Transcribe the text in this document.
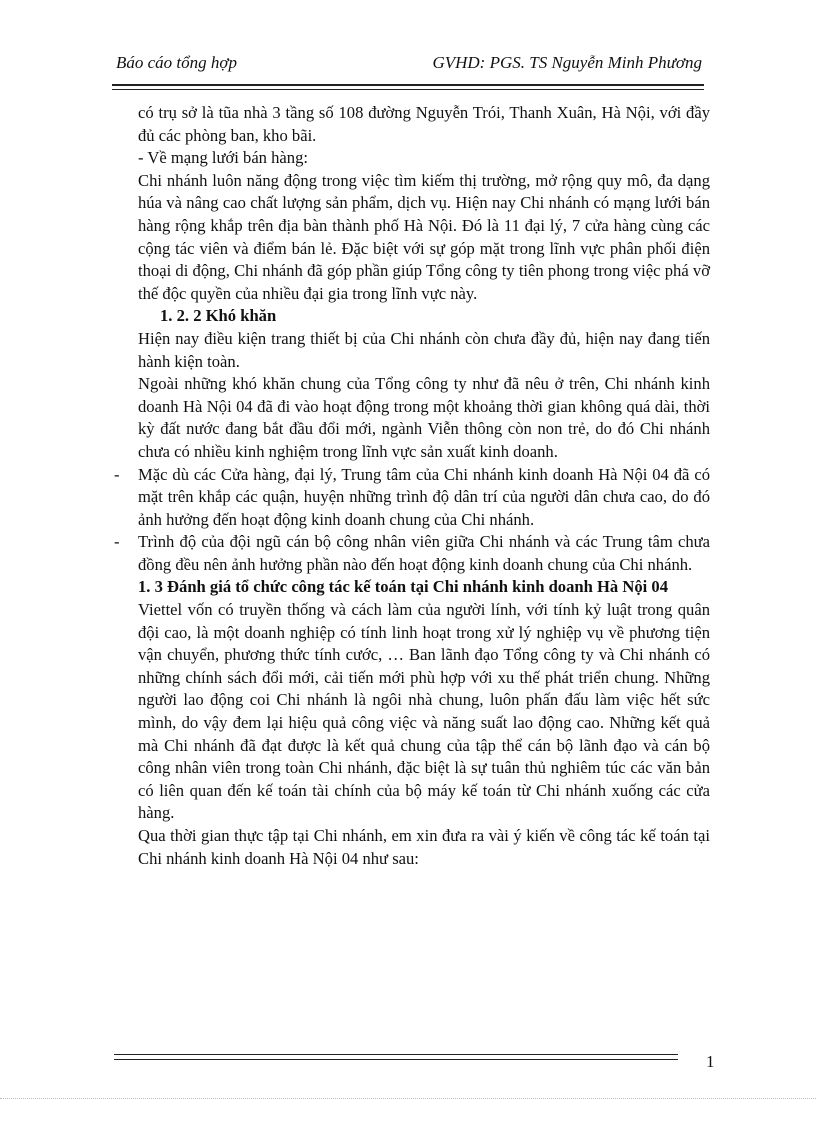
Báo cáo tổng hợp	GVHD: PGS. TS Nguyễn Minh Phương

có trụ sở là tũa nhà 3 tầng số 108 đường Nguyễn Trói, Thanh Xuân, Hà Nội, với đầy đủ các phòng ban, kho bãi.

- Về mạng lưới bán hàng:

Chi nhánh luôn năng động trong việc tìm kiếm thị trường, mở rộng quy mô, đa dạng húa và nâng cao chất lượng sản phẩm, dịch vụ. Hiện nay Chi nhánh có mạng lưới bán hàng rộng khắp trên địa bàn thành phố Hà Nội. Đó là 11 đại lý, 7 cửa hàng cùng các cộng tác viên và điểm bán lẻ. Đặc biệt với sự góp mặt trong lĩnh vực phân phối điện thoại di động, Chi nhánh đã góp phần giúp Tổng công ty tiên phong trong việc phá vỡ thế độc quyền của nhiều đại gia trong lĩnh vực này.

1. 2. 2 Khó khăn

Hiện nay điều kiện trang thiết bị của Chi nhánh còn chưa đầy đủ, hiện nay đang tiến hành kiện toàn.

Ngoài những khó khăn chung của Tổng công ty như đã nêu ở trên, Chi nhánh kinh doanh Hà Nội 04 đã đi vào hoạt động trong một khoảng thời gian không quá dài, thời kỳ đất nước đang bắt đầu đổi mới, ngành Viễn thông còn non trẻ, do đó Chi nhánh chưa có nhiều kinh nghiệm trong lĩnh vực sản xuất kinh doanh.

-	Mặc dù các Cửa hàng, đại lý, Trung tâm của Chi nhánh kinh doanh Hà Nội 04 đã có mặt trên khắp các quận, huyện những trình độ dân trí của người dân chưa cao, do đó ảnh hưởng đến hoạt động kinh doanh chung của Chi nhánh.
-	Trình độ của đội ngũ cán bộ công nhân viên giữa Chi nhánh và các Trung tâm chưa đồng đều nên ảnh hưởng phần nào đến hoạt động kinh doanh chung của Chi nhánh.

1. 3 Đánh giá tổ chức công tác kế toán tại Chi nhánh kinh doanh Hà Nội 04

Viettel vốn có truyền thống và cách làm của người lính, với tính kỷ luật trong quân đội cao, là một doanh nghiệp có tính linh hoạt trong xử lý nghiệp vụ về phương tiện vận chuyển, phương thức tính cước, … Ban lãnh đạo Tổng công ty và Chi nhánh có những chính sách đổi mới, cải tiến mới phù hợp với xu thế phát triển chung. Những người lao động coi Chi nhánh là ngôi nhà chung, luôn phấn đấu làm việc hết sức mình, do vậy đem lại hiệu quả công việc và năng suất lao động cao. Những kết quả mà Chi nhánh đã đạt được là kết quả chung của tập thể cán bộ lãnh đạo và cán bộ công nhân viên trong toàn Chi nhánh, đặc biệt là sự tuân thủ nghiêm túc các văn bản có liên quan đến kế toán tài chính của bộ máy kế toán từ Chi nhánh xuống các cửa hàng.

Qua thời gian thực tập tại Chi nhánh, em xin đưa ra vài ý kiến về công tác kế toán tại Chi nhánh kinh doanh Hà Nội 04 như sau:

1
